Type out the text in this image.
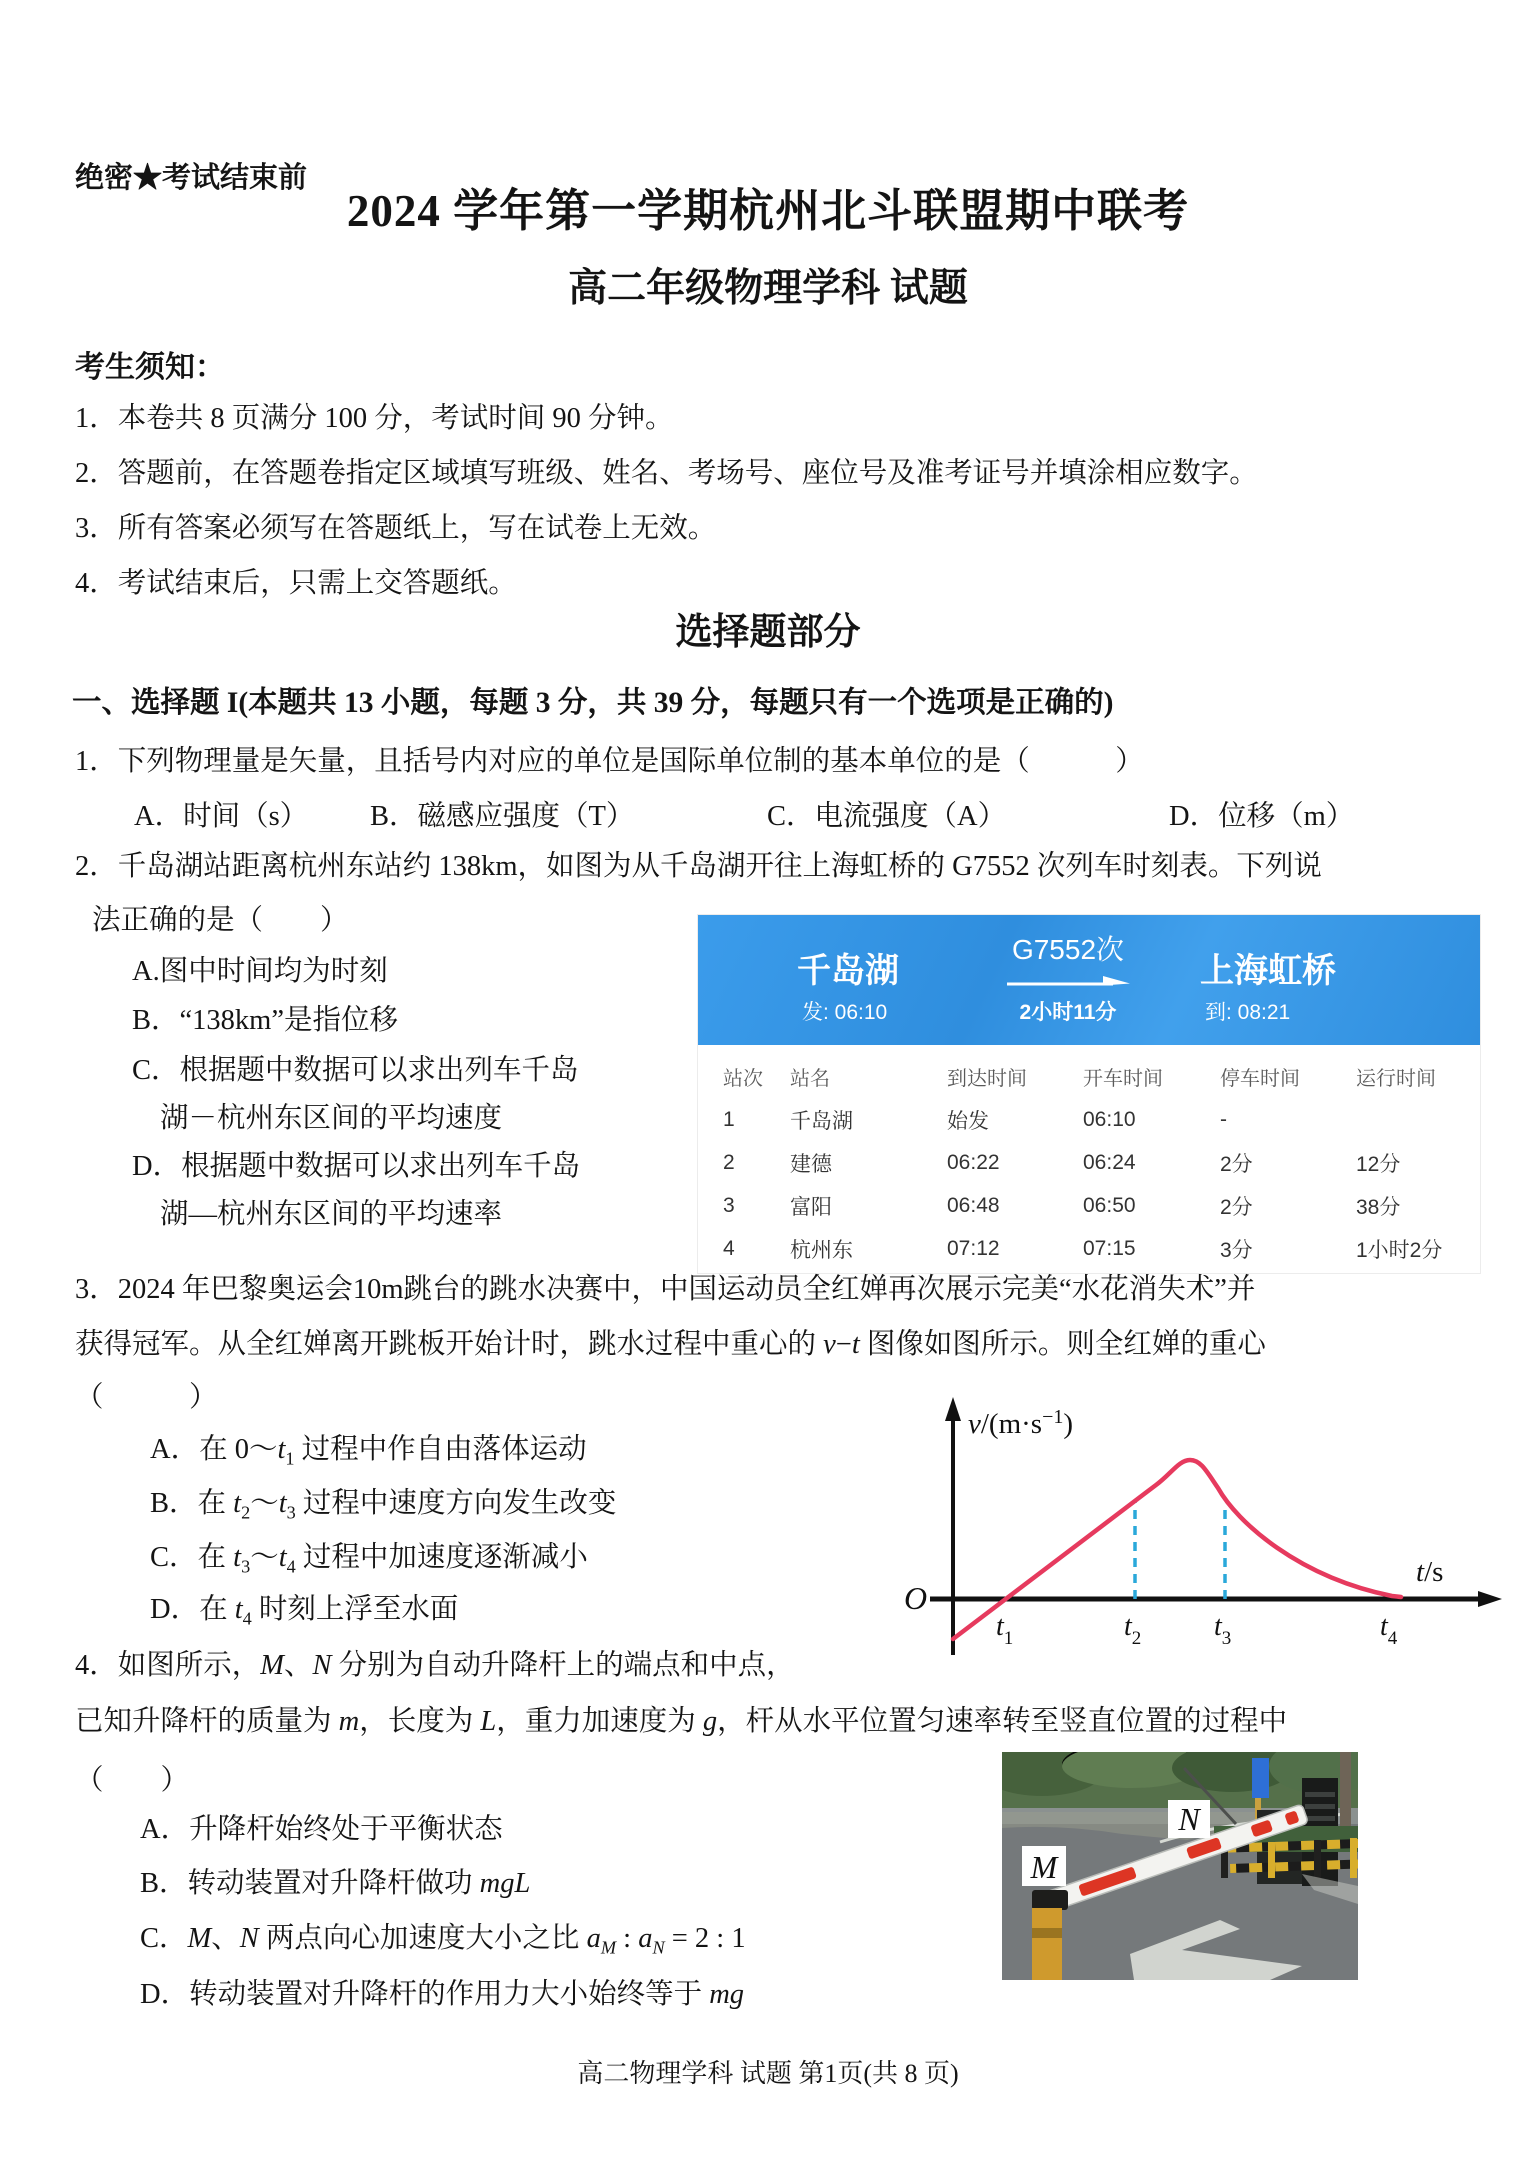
绝密★考试结束前
2024 学年第一学期杭州北斗联盟期中联考
高二年级物理学科 试题
考生须知：
1．本卷共 8 页满分 100 分，考试时间 90 分钟。
2．答题前，在答题卷指定区域填写班级、姓名、考场号、座位号及准考证号并填涂相应数字。
3．所有答案必须写在答题纸上，写在试卷上无效。
4．考试结束后，只需上交答题纸。
选择题部分
一、选择题 I(本题共 13 小题，每题 3 分，共 39 分，每题只有一个选项是正确的)
1．下列物理量是矢量，且括号内对应的单位是国际单位制的基本单位的是（　　　）
A．时间（s） B．磁感应强度（T）	C．电流强度（A）	D．位移（m）
2．千岛湖站距离杭州东站约 138km，如图为从千岛湖开往上海虹桥的 G7552 次列车时刻表。下列说
法正确的是（　　）
A.图中时间均为时刻
B．“138km”是指位移
C．根据题中数据可以求出列车千岛
湖－杭州东区间的平均速度
D．根据题中数据可以求出列车千岛
湖—杭州东区间的平均速率
千岛湖
发: 06:10
G7552次
2小时11分
上海虹桥
到: 08:21
站次	站名	到达时间	开车时间	停车时间	运行时间
1	千岛湖	始发	06:10	-
2	建德	06:22	06:24	2分	12分
3	富阳	06:48	06:50	2分	38分
4	杭州东	07:12	07:15	3分	1小时2分
3．2024 年巴黎奥运会10m跳台的跳水决赛中，中国运动员全红婵再次展示完美“水花消失术”并
获得冠军。从全红婵离开跳板开始计时，跳水过程中重心的 v−t 图像如图所示。则全红婵的重心
（　　　）
A．在 $0\sim t_1$ 过程中作自由落体运动
B．在 $t_2\sim t_3$ 过程中速度方向发生改变
C．在 $t_3\sim t_4$ 过程中加速度逐渐减小
D．在 $t_4$ 时刻上浮至水面	O
$v/(m\cdot s^{-1})$
t/s
$t_1$	$t_2$	$t_3$	$t_4$
4．如图所示，M、N 分别为自动升降杆上的端点和中点，
已知升降杆的质量为 m，长度为 L，重力加速度为 g，杆从水平位置匀速率转至竖直位置的过程中
（　　）
A．升降杆始终处于平衡状态
B．转动装置对升降杆做功 mgL
C．M、N 两点向心加速度大小之比 $a_M$ : $a_N = 2$ : 1
D．转动装置对升降杆的作用力大小始终等于 mg
M
N
高二物理学科 试题 第1页(共 8 页)
